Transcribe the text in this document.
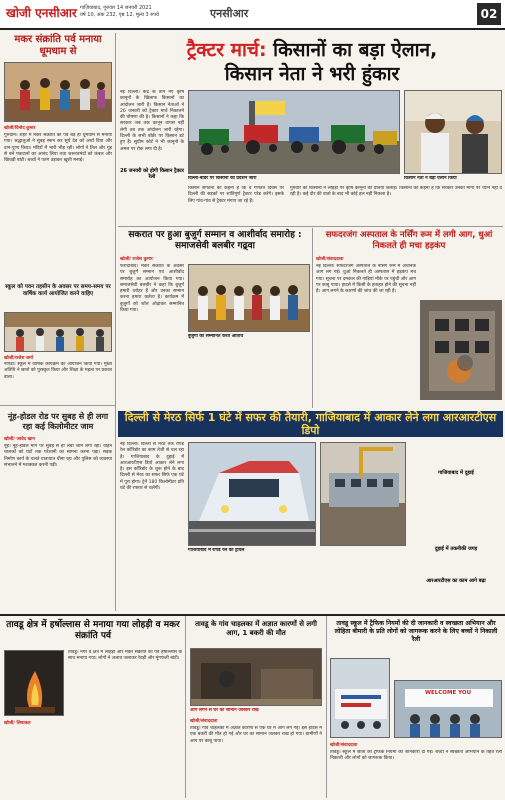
खोजी एनसीआर गाज़ियाबाद, गुरुवार 14 जनवरी 2021
वर्ष 10, अंक 232, पृष्ठ 12, मूल्य 3 रुपये	एनसीआर	02
मकर संक्रांति पर्व मनाया धूमधाम से
खोजी/विनोद कुमार
गुरुग्राम। शहर में मकर संक्रांति का पर्व बड़े ही धूमधाम से मनाया गया। श्रद्धालुओं ने सुबह स्नान कर सूर्य देव को अर्घ्य दिया और दान-पुण्य किया। मंदिरों में भारी भीड़ रही। लोगों ने तिल और गुड़ से बने पकवानों का आनंद लिया तथा जरूरतमंदों को कंबल और खिचड़ी बांटी। बच्चों ने पतंग उड़ाकर खुशी मनाई।
स्कूल को पवन तहसीन के अवसर पर समय-समय पर वार्षिक कार्य आयोजित करने वाहिए
खोजी/राजेश शर्मा
नोएडा। स्कूल में वार्षिक कार्यक्रम का आयोजन किया गया। मुख्य अतिथि ने छात्रों को पुरस्कृत किया और शिक्षा के महत्व पर प्रकाश डाला।
ट्रैक्टर मार्च: किसानों का बड़ा ऐलान,
किसान नेता ने भरी हुंकार
नई दिल्ली। केंद्र के तीन नए कृषि कानूनों के खिलाफ किसानों का आंदोलन जारी है। किसान नेताओं ने 26 जनवरी को ट्रैक्टर मार्च निकालने की घोषणा की है। किसानों ने कहा कि सरकार जब तक कानून वापस नहीं लेगी तब तक आंदोलन जारी रहेगा। दिल्ली के सभी बॉर्डर पर किसान डटे हुए हैं। सुप्रीम कोर्ट ने भी कानूनों के अमल पर रोक लगा दी है।
दिल्ली-बॉर्डर पर किसानों का प्रदर्शन जारी	किसान नेता ने बड़ा ऐलान किया
किसान संगठनों का कहना है कि वे गणतंत्र दिवस पर दिल्ली की सड़कों पर शांतिपूर्ण ट्रैक्टर परेड करेंगे। इसके लिए गांव-गांव से ट्रैक्टर मंगाए जा रहे हैं।
26 जनवरी को होगी किसान ट्रैक्टर रैली
गुरुवार को किसानों ने लोहड़ी पर कृषि कानूनों की प्रतियां जलाईं। किसानों का कहना है कि सरकार उनकी मांगों पर ध्यान नहीं दे रही है। कई दौर की वार्ता के बाद भी कोई हल नहीं निकला है।
सकरात पर हुआ बुजुर्ग सम्मान व आशीर्वाद समारोह : समाजसेवी बलबीर गढ़्वा
खोजी/ राजेश कुमार
फरीदाबाद। मकर संक्रांति के अवसर पर बुजुर्ग सम्मान एवं आशीर्वाद समारोह का आयोजन किया गया। समाजसेवी बलबीर ने कहा कि बुजुर्ग हमारी धरोहर हैं और उनका सम्मान करना हमारा कर्तव्य है। कार्यक्रम में बुजुर्गों को शॉल ओढ़ाकर सम्मानित किया गया।
बुजुर्गों को सम्मानित करते अतिथि
सफदरजंग अस्पताल के नर्सिंग रूम में लगी आग, धुआं निकलते ही मचा हड़कंप
खोजी/संवाददाता
नई दिल्ली। सफदरजंग अस्पताल के नर्सिंग रूम में अचानक आग लग गई। धुआं निकलते ही अस्पताल में हड़कंप मच गया। सूचना पर दमकल की गाड़ियां मौके पर पहुंचीं और आग पर काबू पाया। हादसे में किसी के हताहत होने की सूचना नहीं है। आग लगने के कारणों की जांच की जा रही है।
नूंह-होडल रोड पर सुबह से ही लगा रहा कई किलोमीटर जाम
खोजी/ जावेद खान
नूंह। नूंह-होडल मार्ग पर सुबह से ही लंबा जाम लगा रहा। वाहन चालकों को घंटों तक परेशानी का सामना करना पड़ा। सड़क निर्माण कार्य के चलते यातायात धीमा रहा और पुलिस को व्यवस्था संभालने में मशक्कत करनी पड़ी।
दिल्ली से मेरठ सिर्फ 1 घंटे में सफर की तैयारी, गाजियाबाद में आकार लेने लगा आरआरटीएस डिपो
नई दिल्ली। दिल्ली से मेरठ तक रैपिड रेल कॉरिडोर का काम तेजी से चल रहा है। गाजियाबाद के दुहाई में आरआरटीएस डिपो आकार लेने लगा है। इस कॉरिडोर के शुरू होने के बाद दिल्ली से मेरठ का सफर सिर्फ एक घंटे में पूरा होगा। ट्रेनें 180 किलोमीटर प्रति घंटे की रफ्तार से चलेंगी।
गाजियाबाद में रैपिड रेल का ट्रायल
गाजियाबाद में दुहाई
दुहाई में तकनीकी जगह
आरआरटीएस का काम आगे बढ़ा
तावडू क्षेत्र में हर्षोल्लास से मनाया गया लोहड़ी व मकर संक्रांति पर्व
खोजी/ लियाकत
तावडू। नगर व क्षेत्र में लोहड़ी और मकर संक्रांति का पर्व हर्षोल्लास के साथ मनाया गया। लोगों ने अलाव जलाकर रेवड़ी और मूंगफली बांटी।
तावडू के गांव चाहलका में अज्ञात कारणों से लगी आग, 1 बकरी की मौत
आग लगने से घर का सामान जलकर राख
खोजी/संवाददाता
तावडू। गांव चाहलका में अज्ञात कारणों से एक घर में आग लग गई। इस हादसे में एक बकरी की मौत हो गई और घर का सामान जलकर राख हो गया। ग्रामीणों ने आग पर काबू पाया।
तावडू स्कूल में ट्रैफिक नियमों की दी जानकारी व स्वच्छता अभियान और लोहिता बीमारी के प्रति लोगों को जागरूक करने के लिए बच्चों ने निकाली रैली
WELCOME YOU
खोजी/संवाददाता
तावडू। स्कूल में छात्रों को ट्रैफिक नियमों की जानकारी दी गई। बच्चों ने स्वच्छता अभियान के तहत रैली निकाली और लोगों को जागरूक किया।
